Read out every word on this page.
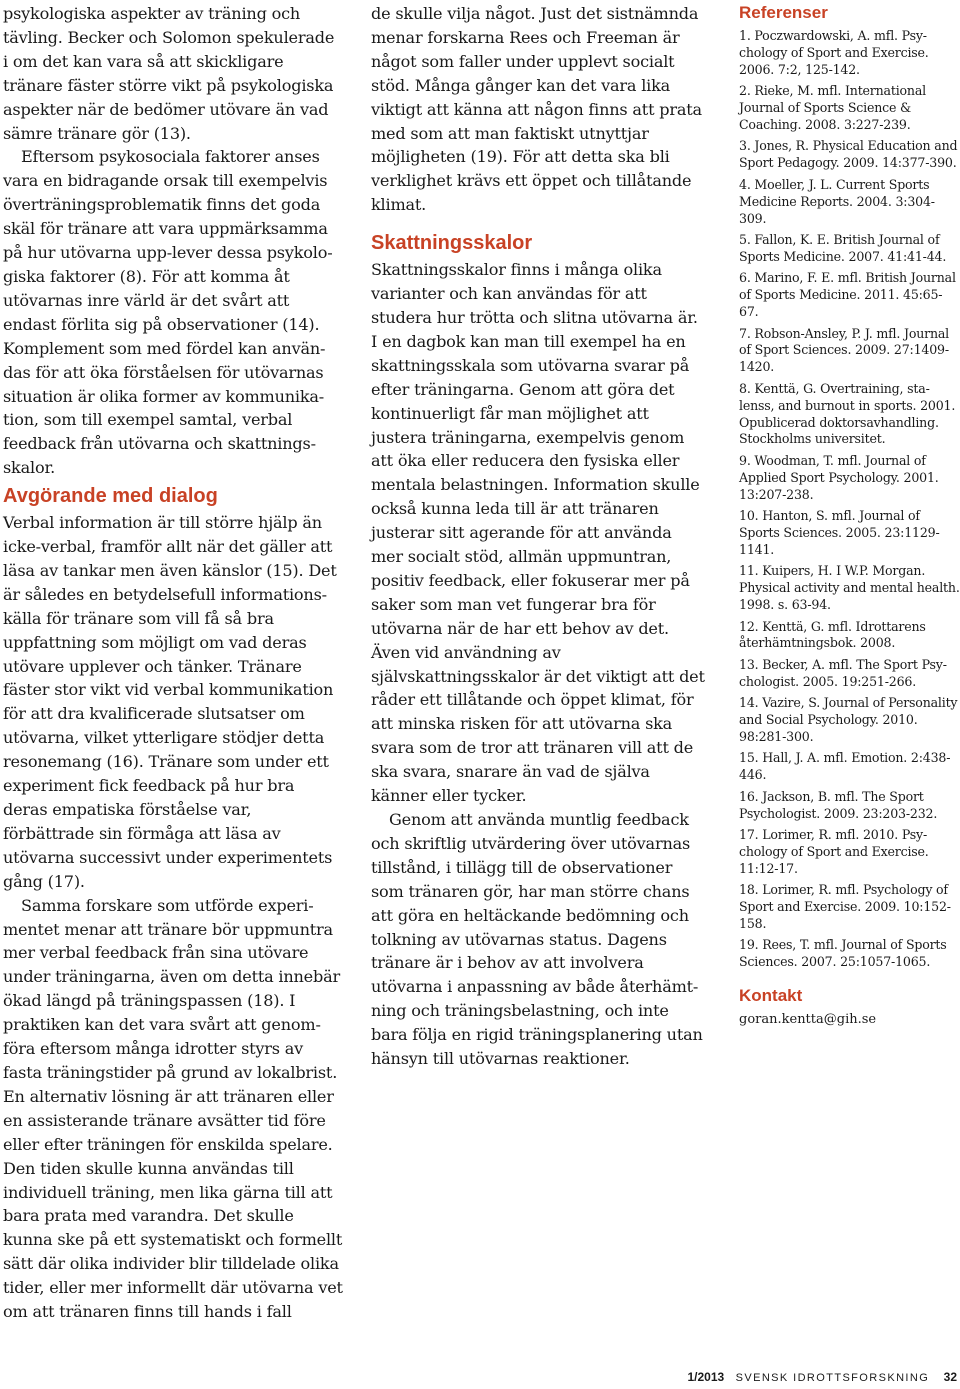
psykologiska aspekter av träning och tävling. Becker och Solomon spekulerade i om det kan vara så att skickligare tränare fäster större vikt på psykologiska aspekter när de bedömer utövare än vad sämre tränare gör (13).

Eftersom psykosociala faktorer anses vara en bidragande orsak till exempelvis överträningsproblematik finns det goda skäl för tränare att vara uppmärksamma på hur utövarna upp-lever dessa psykologiska faktorer (8). För att komma åt utövarnas inre värld är det svårt att endast förlita sig på observationer (14). Komplement som med fördel kan användas för att öka förståelsen för utövarnas situation är olika former av kommunikation, som till exempel samtal, verbal feedback från utövarna och skattningsskalor.

Avgörande med dialog

Verbal information är till större hjälp än icke-verbal, framför allt när det gäller att läsa av tankar men även känslor (15). Det är således en betydelsefull informationskälla för tränare som vill få så bra uppfattning som möjligt om vad deras utövare upplever och tänker. Tränare fäster stor vikt vid verbal kommunikation för att dra kvalificerade slutsatser om utövarna, vilket ytterligare stödjer detta resonemang (16). Tränare som under ett experiment fick feedback på hur bra deras empatiska förståelse var, förbättrade sin förmåga att läsa av utövarna successivt under experimentets gång (17).

Samma forskare som utförde experimentet menar att tränare bör uppmuntra mer verbal feedback från sina utövare under träningarna, även om detta innebär ökad längd på träningspassen (18). I praktiken kan det vara svårt att genomföra eftersom många idrotter styrs av fasta träningstider på grund av lokalbrist. En alternativ lösning är att tränaren eller en assisterande tränare avsätter tid före eller efter träningen för enskilda spelare. Den tiden skulle kunna användas till individuell träning, men lika gärna till att bara prata med varandra. Det skulle kunna ske på ett systematiskt och formellt sätt där olika individer blir tilldelade olika tider, eller mer informellt där utövarna vet om att tränaren finns till hands i fall

de skulle vilja något. Just det sistnämnda menar forskarna Rees och Freeman är något som faller under upplevt socialt stöd. Många gånger kan det vara lika viktigt att känna att någon finns att prata med som att man faktiskt utnyttjar möjligheten (19). För att detta ska bli verklighet krävs ett öppet och tillåtande klimat.

Skattningsskalor

Skattningsskalor finns i många olika varianter och kan användas för att studera hur trötta och slitna utövarna är. I en dagbok kan man till exempel ha en skattningsskala som utövarna svarar på efter träningarna. Genom att göra det kontinuerligt får man möjlighet att justera träningarna, exempelvis genom att öka eller reducera den fysiska eller mentala belastningen. Information skulle också kunna leda till är att tränaren justerar sitt agerande för att använda mer socialt stöd, allmän uppmuntran, positiv feedback, eller fokuserar mer på saker som man vet fungerar bra för utövarna när de har ett behov av det. Även vid användning av självskattningsskalor är det viktigt att det råder ett tillåtande och öppet klimat, för att minska risken för att utövarna ska svara som de tror att tränaren vill att de ska svara, snarare än vad de själva känner eller tycker.

Genom att använda muntlig feedback och skriftlig utvärdering över utövarnas tillstånd, i tillägg till de observationer som tränaren gör, har man större chans att göra en heltäckande bedömning och tolkning av utövarnas status. Dagens tränare är i behov av att involvera utövarna i anpassning av både återhämtning och träningsbelastning, och inte bara följa en rigid träningsplanering utan hänsyn till utövarnas reaktioner.

Referenser
1. Poczwardowski, A. mfl. Psychology of Sport and Exercise. 2006. 7:2, 125-142.
2. Rieke, M. mfl. International Journal of Sports Science & Coaching. 2008. 3:227-239.
3. Jones, R. Physical Education and Sport Pedagogy. 2009. 14:377-390.
4. Moeller, J. L. Current Sports Medicine Reports. 2004. 3:304-309.
5. Fallon, K. E. British Journal of Sports Medicine. 2007. 41:41-44.
6. Marino, F. E. mfl. British Journal of Sports Medicine. 2011. 45:65-67.
7. Robson-Ansley, P. J. mfl. Journal of Sport Sciences. 2009. 27:1409-1420.
8. Kenttä, G. Overtraining, stalenss, and burnout in sports. 2001. Opublicerad doktorsavhandling. Stockholms universitet.
9. Woodman, T. mfl. Journal of Applied Sport Psychology. 2001. 13:207-238.
10. Hanton, S. mfl. Journal of Sports Sciences. 2005. 23:1129-1141.
11. Kuipers, H. I W.P. Morgan. Physical activity and mental health. 1998. s. 63-94.
12. Kenttä, G. mfl. Idrottarens återhämtningsbok. 2008.
13. Becker, A. mfl. The Sport Psychologist. 2005. 19:251-266.
14. Vazire, S. Journal of Personality and Social Psychology. 2010. 98:281-300.
15. Hall, J. A. mfl. Emotion. 2:438-446.
16. Jackson, B. mfl. The Sport Psychologist. 2009. 23:203-232.
17. Lorimer, R. mfl. 2010. Psychology of Sport and Exercise. 11:12-17.
18. Lorimer, R. mfl. Psychology of Sport and Exercise. 2009. 10:152-158.
19. Rees, T. mfl. Journal of Sports Sciences. 2007. 25:1057-1065.
Kontakt

goran.kentta@gih.se

1/2013 SVENSK IDROTTSFORSKNING 32
